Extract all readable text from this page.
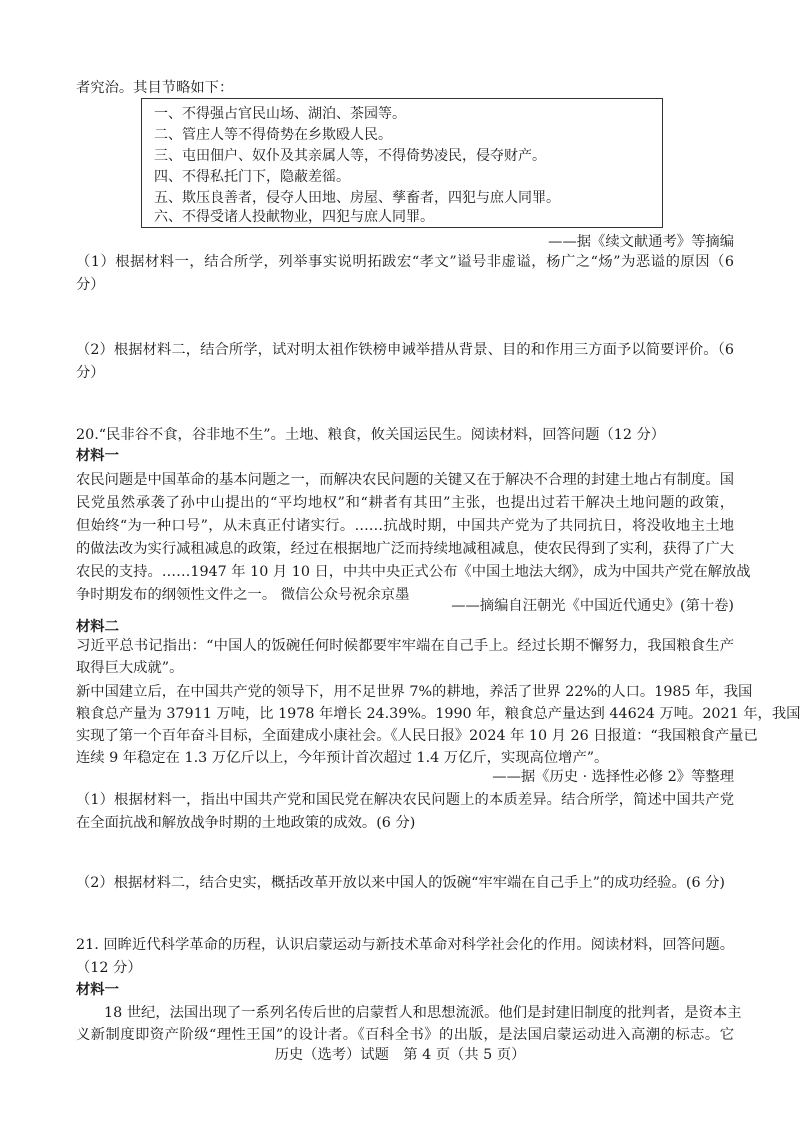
者究治。其目节略如下：
一、不得强占官民山场、湖泊、茶园等。
二、管庄人等不得倚势在乡欺殴人民。
三、屯田佃户、奴仆及其亲属人等，不得倚势凌民，侵夺财产。
四、不得私托门下，隐蔽差徭。
五、欺压良善者，侵夺人田地、房屋、孳畜者，四犯与庶人同罪。
六、不得受诸人投献物业，四犯与庶人同罪。
——据《续文献通考》等摘编
（1）根据材料一，结合所学，列举事实说明拓跋宏“孝文”谥号非虚谥，杨广之“炀”为恶谥的原因（6
分）
（2）根据材料二，结合所学，试对明太祖作铁榜申诫举措从背景、目的和作用三方面予以简要评价。（6
分）
20.“民非谷不食，谷非地不生”。土地、粮食，攸关国运民生。阅读材料，回答问题（12 分）
材料一
农民问题是中国革命的基本问题之一，而解决农民问题的关键又在于解决不合理的封建土地占有制度。国
民党虽然承袭了孙中山提出的“平均地权”和“耕者有其田”主张，也提出过若干解决土地问题的政策，
但始终“为一种口号”，从未真正付诸实行。……抗战时期，中国共产党为了共同抗日，将没收地主土地
的做法改为实行减租减息的政策，经过在根据地广泛而持续地减租减息，使农民得到了实利，获得了广大
农民的支持。……1947 年 10 月 10 日，中共中央正式公布《中国土地法大纲》，成为中国共产党在解放战
争时期发布的纲领性文件之一。 微信公众号祝余京墨
——摘编自汪朝光《中国近代通史》(第十卷)
材料二
习近平总书记指出：“中国人的饭碗任何时候都要牢牢端在自己手上。经过长期不懈努力，我国粮食生产
取得巨大成就”。
新中国建立后，在中国共产党的领导下，用不足世界 7%的耕地，养活了世界 22%的人口。1985 年，我国
粮食总产量为 37911 万吨，比 1978 年增长 24.39%。1990 年，粮食总产量达到 44624 万吨。2021 年，我国
实现了第一个百年奋斗目标，全面建成小康社会。《人民日报》2024 年 10 月 26 日报道：“我国粮食产量已
连续 9 年稳定在 1.3 万亿斤以上，今年预计首次超过 1.4 万亿斤，实现高位增产”。
——据《历史 · 选择性必修 2》等整理
（1）根据材料一，指出中国共产党和国民党在解决农民问题上的本质差异。结合所学，简述中国共产党
在全面抗战和解放战争时期的土地政策的成效。(6 分)
（2）根据材料二，结合史实，概括改革开放以来中国人的饭碗“牢牢端在自己手上”的成功经验。(6 分)
21. 回眸近代科学革命的历程，认识启蒙运动与新技术革命对科学社会化的作用。阅读材料，回答问题。
（12 分）
材料一
18 世纪，法国出现了一系列名传后世的启蒙哲人和思想流派。他们是封建旧制度的批判者，是资本主
义新制度即资产阶级“理性王国”的设计者。《百科全书》的出版，是法国启蒙运动进入高潮的标志。它
历史（选考）试题　第 4 页（共 5 页）
